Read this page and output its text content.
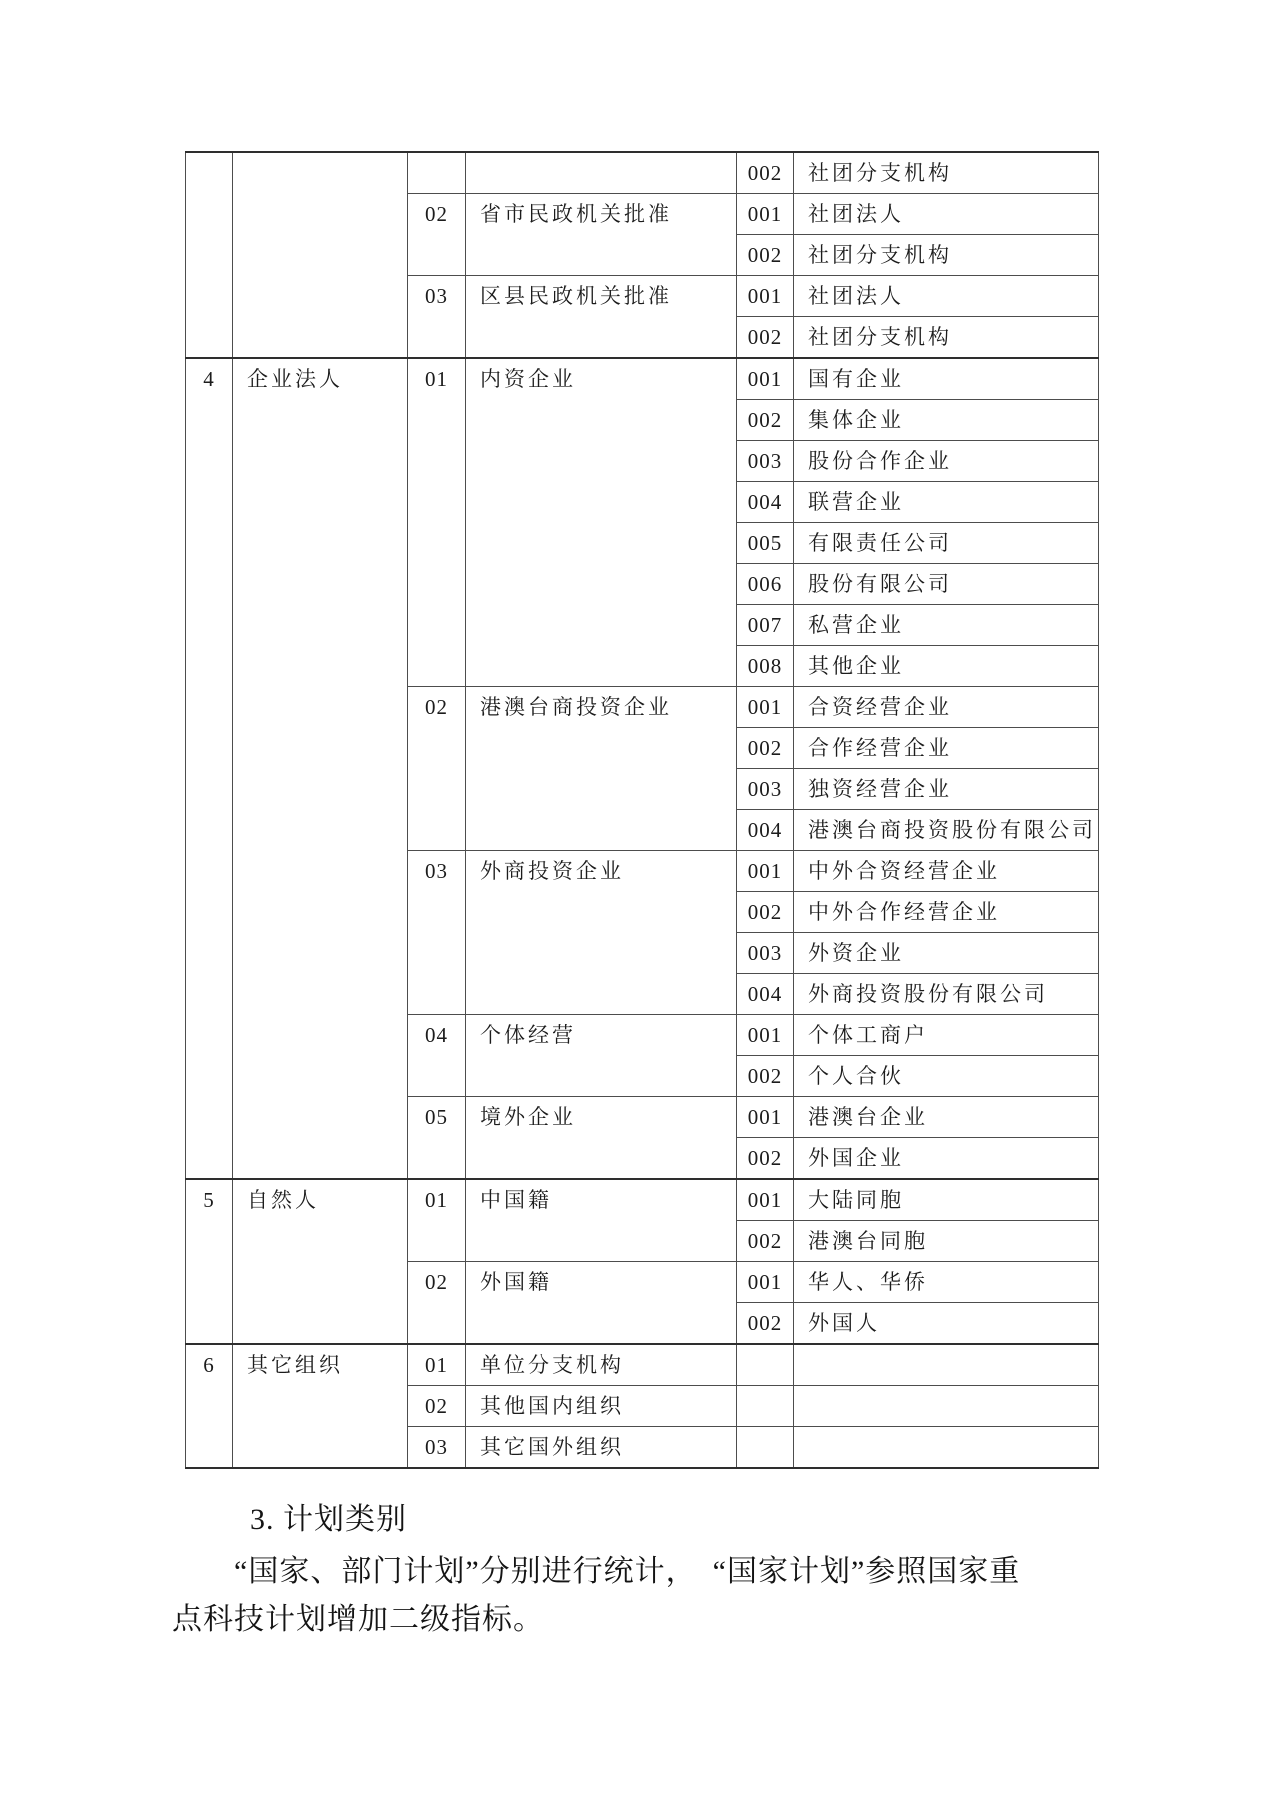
				002	社团分支机构
		02	省市民政机关批准	001	社团法人
				002	社团分支机构
		03	区县民政机关批准	001	社团法人
				002	社团分支机构
4	企业法人	01	内资企业	001	国有企业
				002	集体企业
				003	股份合作企业
				004	联营企业
				005	有限责任公司
				006	股份有限公司
				007	私营企业
				008	其他企业
		02	港澳台商投资企业	001	合资经营企业
				002	合作经营企业
				003	独资经营企业
				004	港澳台商投资股份有限公司
		03	外商投资企业	001	中外合资经营企业
				002	中外合作经营企业
				003	外资企业
				004	外商投资股份有限公司
		04	个体经营	001	个体工商户
				002	个人合伙
		05	境外企业	001	港澳台企业
				002	外国企业
5	自然人	01	中国籍	001	大陆同胞
				002	港澳台同胞
		02	外国籍	001	华人、华侨
				002	外国人
6	其它组织	01	单位分支机构		
		02	其他国内组织		
		03	其它国外组织		
3. 计划类别
“国家、部门计划”分别进行统计，　“国家计划”参照国家重
点科技计划增加二级指标。
